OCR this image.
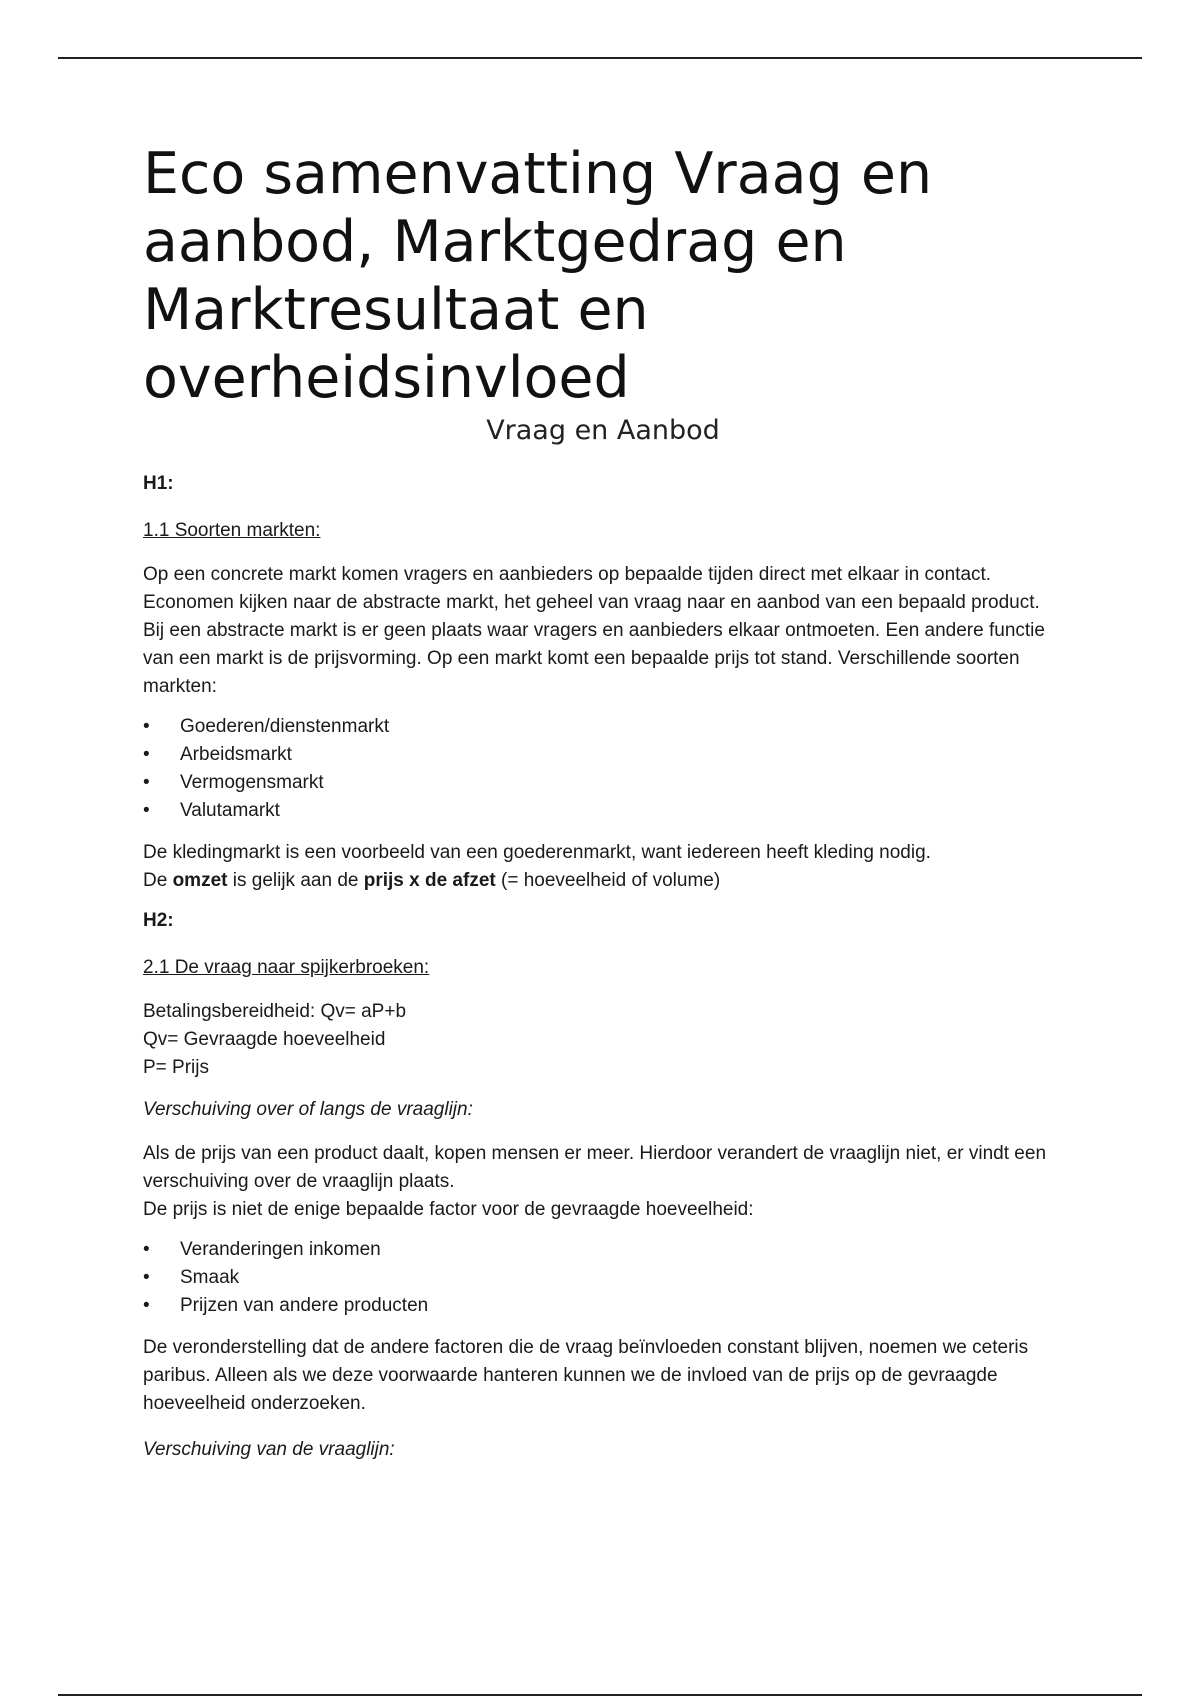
Eco samenvatting Vraag en aanbod, Marktgedrag en Marktresultaat en overheidsinvloed
Vraag en Aanbod

H1:

1.1 Soorten markten:

Op een concrete markt komen vragers en aanbieders op bepaalde tijden direct met elkaar in contact. Economen kijken naar de abstracte markt, het geheel van vraag naar en aanbod van een bepaald product. Bij een abstracte markt is er geen plaats waar vragers en aanbieders elkaar ontmoeten. Een andere functie van een markt is de prijsvorming. Op een markt komt een bepaalde prijs tot stand. Verschillende soorten markten:

• Goederen/dienstenmarkt
• Arbeidsmarkt
• Vermogensmarkt
• Valutamarkt

De kledingmarkt is een voorbeeld van een goederenmarkt, want iedereen heeft kleding nodig.

De omzet is gelijk aan de prijs x de afzet (= hoeveelheid of volume)

H2:

2.1 De vraag naar spijkerbroeken:

Betalingsbereidheid: Qv= aP+b

Qv= Gevraagde hoeveelheid

P= Prijs

Verschuiving over of langs de vraaglijn:

Als de prijs van een product daalt, kopen mensen er meer. Hierdoor verandert de vraaglijn niet, er vindt een verschuiving over de vraaglijn plaats.

De prijs is niet de enige bepaalde factor voor de gevraagde hoeveelheid:

• Veranderingen inkomen
• Smaak
• Prijzen van andere producten

De veronderstelling dat de andere factoren die de vraag beïnvloeden constant blijven, noemen we ceteris paribus. Alleen als we deze voorwaarde hanteren kunnen we de invloed van de prijs op de gevraagde hoeveelheid onderzoeken.

Verschuiving van de vraaglijn:
